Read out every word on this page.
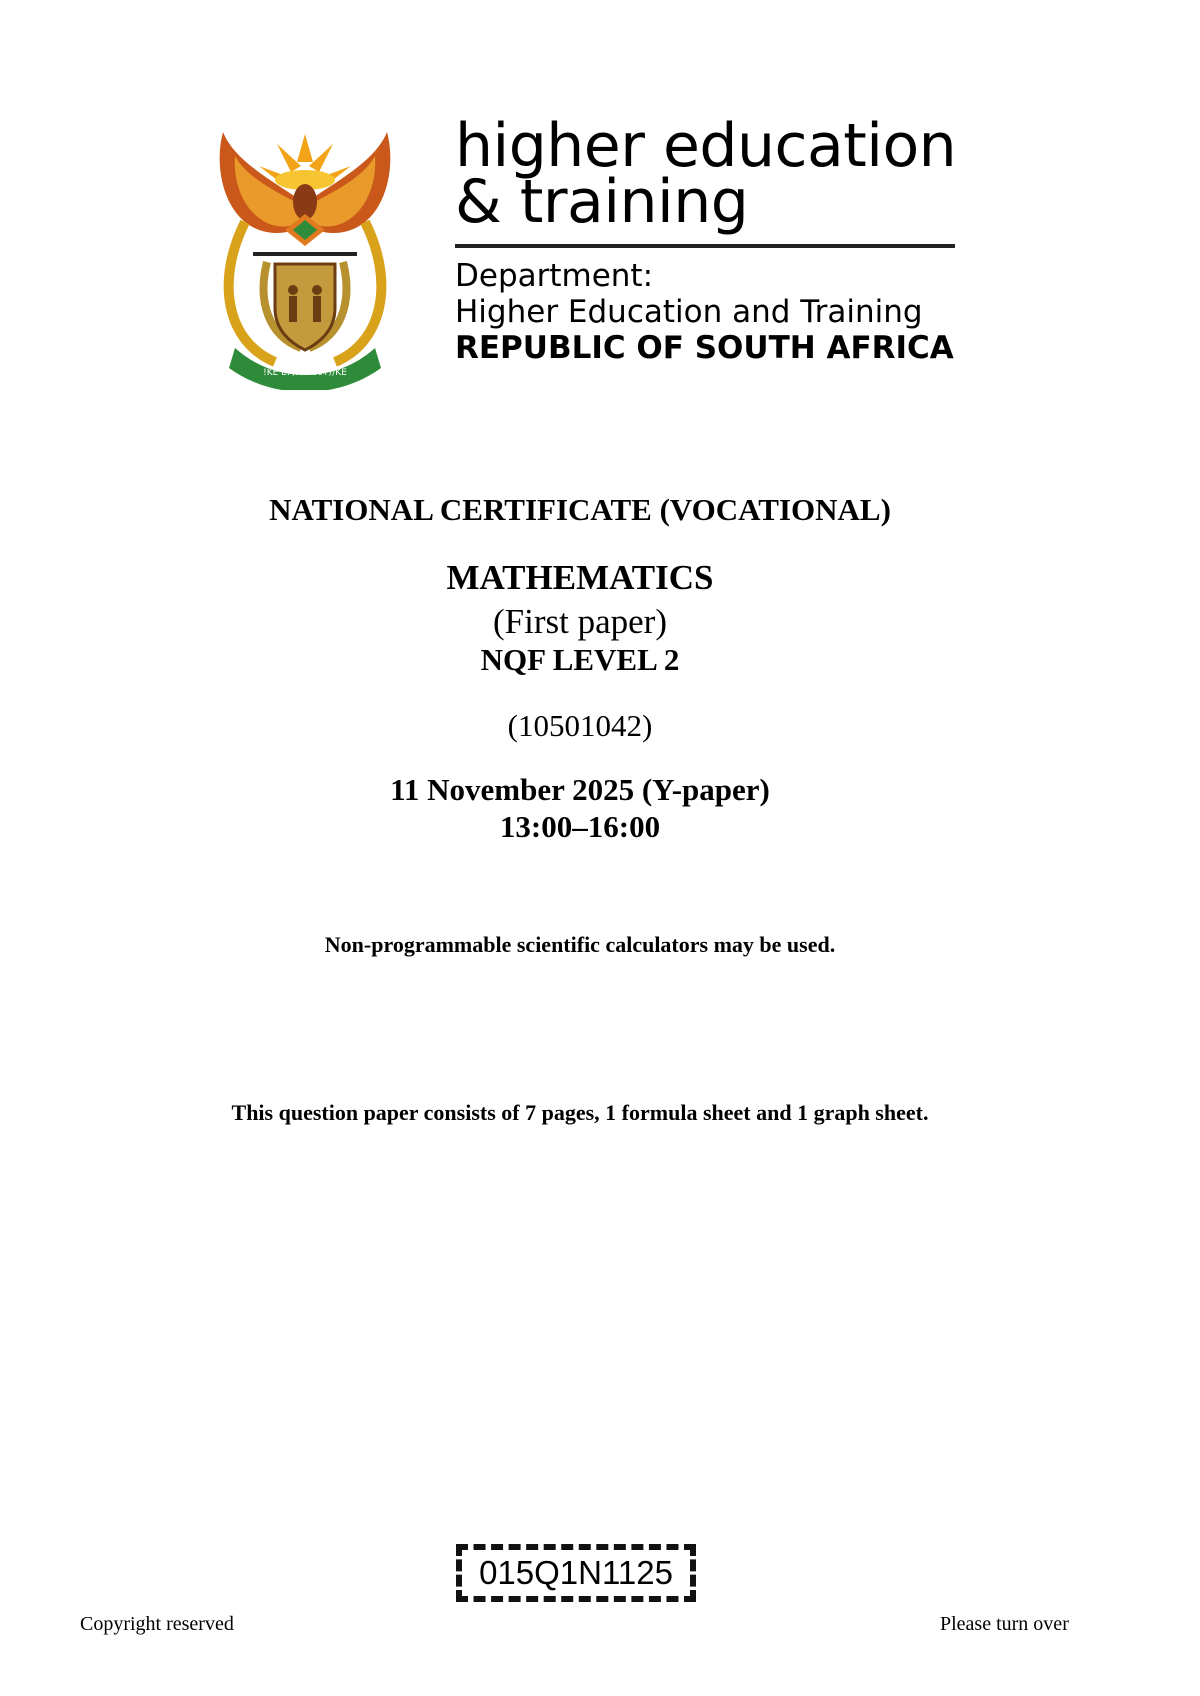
!KE E: /XARRA //KE
higher education
& training
Department:
Higher Education and Training
REPUBLIC OF SOUTH AFRICA
NATIONAL CERTIFICATE (VOCATIONAL)
MATHEMATICS
(First paper)
NQF LEVEL 2
(10501042)
11 November 2025 (Y-paper)
13:00–16:00
Non-programmable scientific calculators may be used.
This question paper consists of 7 pages, 1 formula sheet and 1 graph sheet.
015Q1N1125
Copyright reserved	Please turn over
